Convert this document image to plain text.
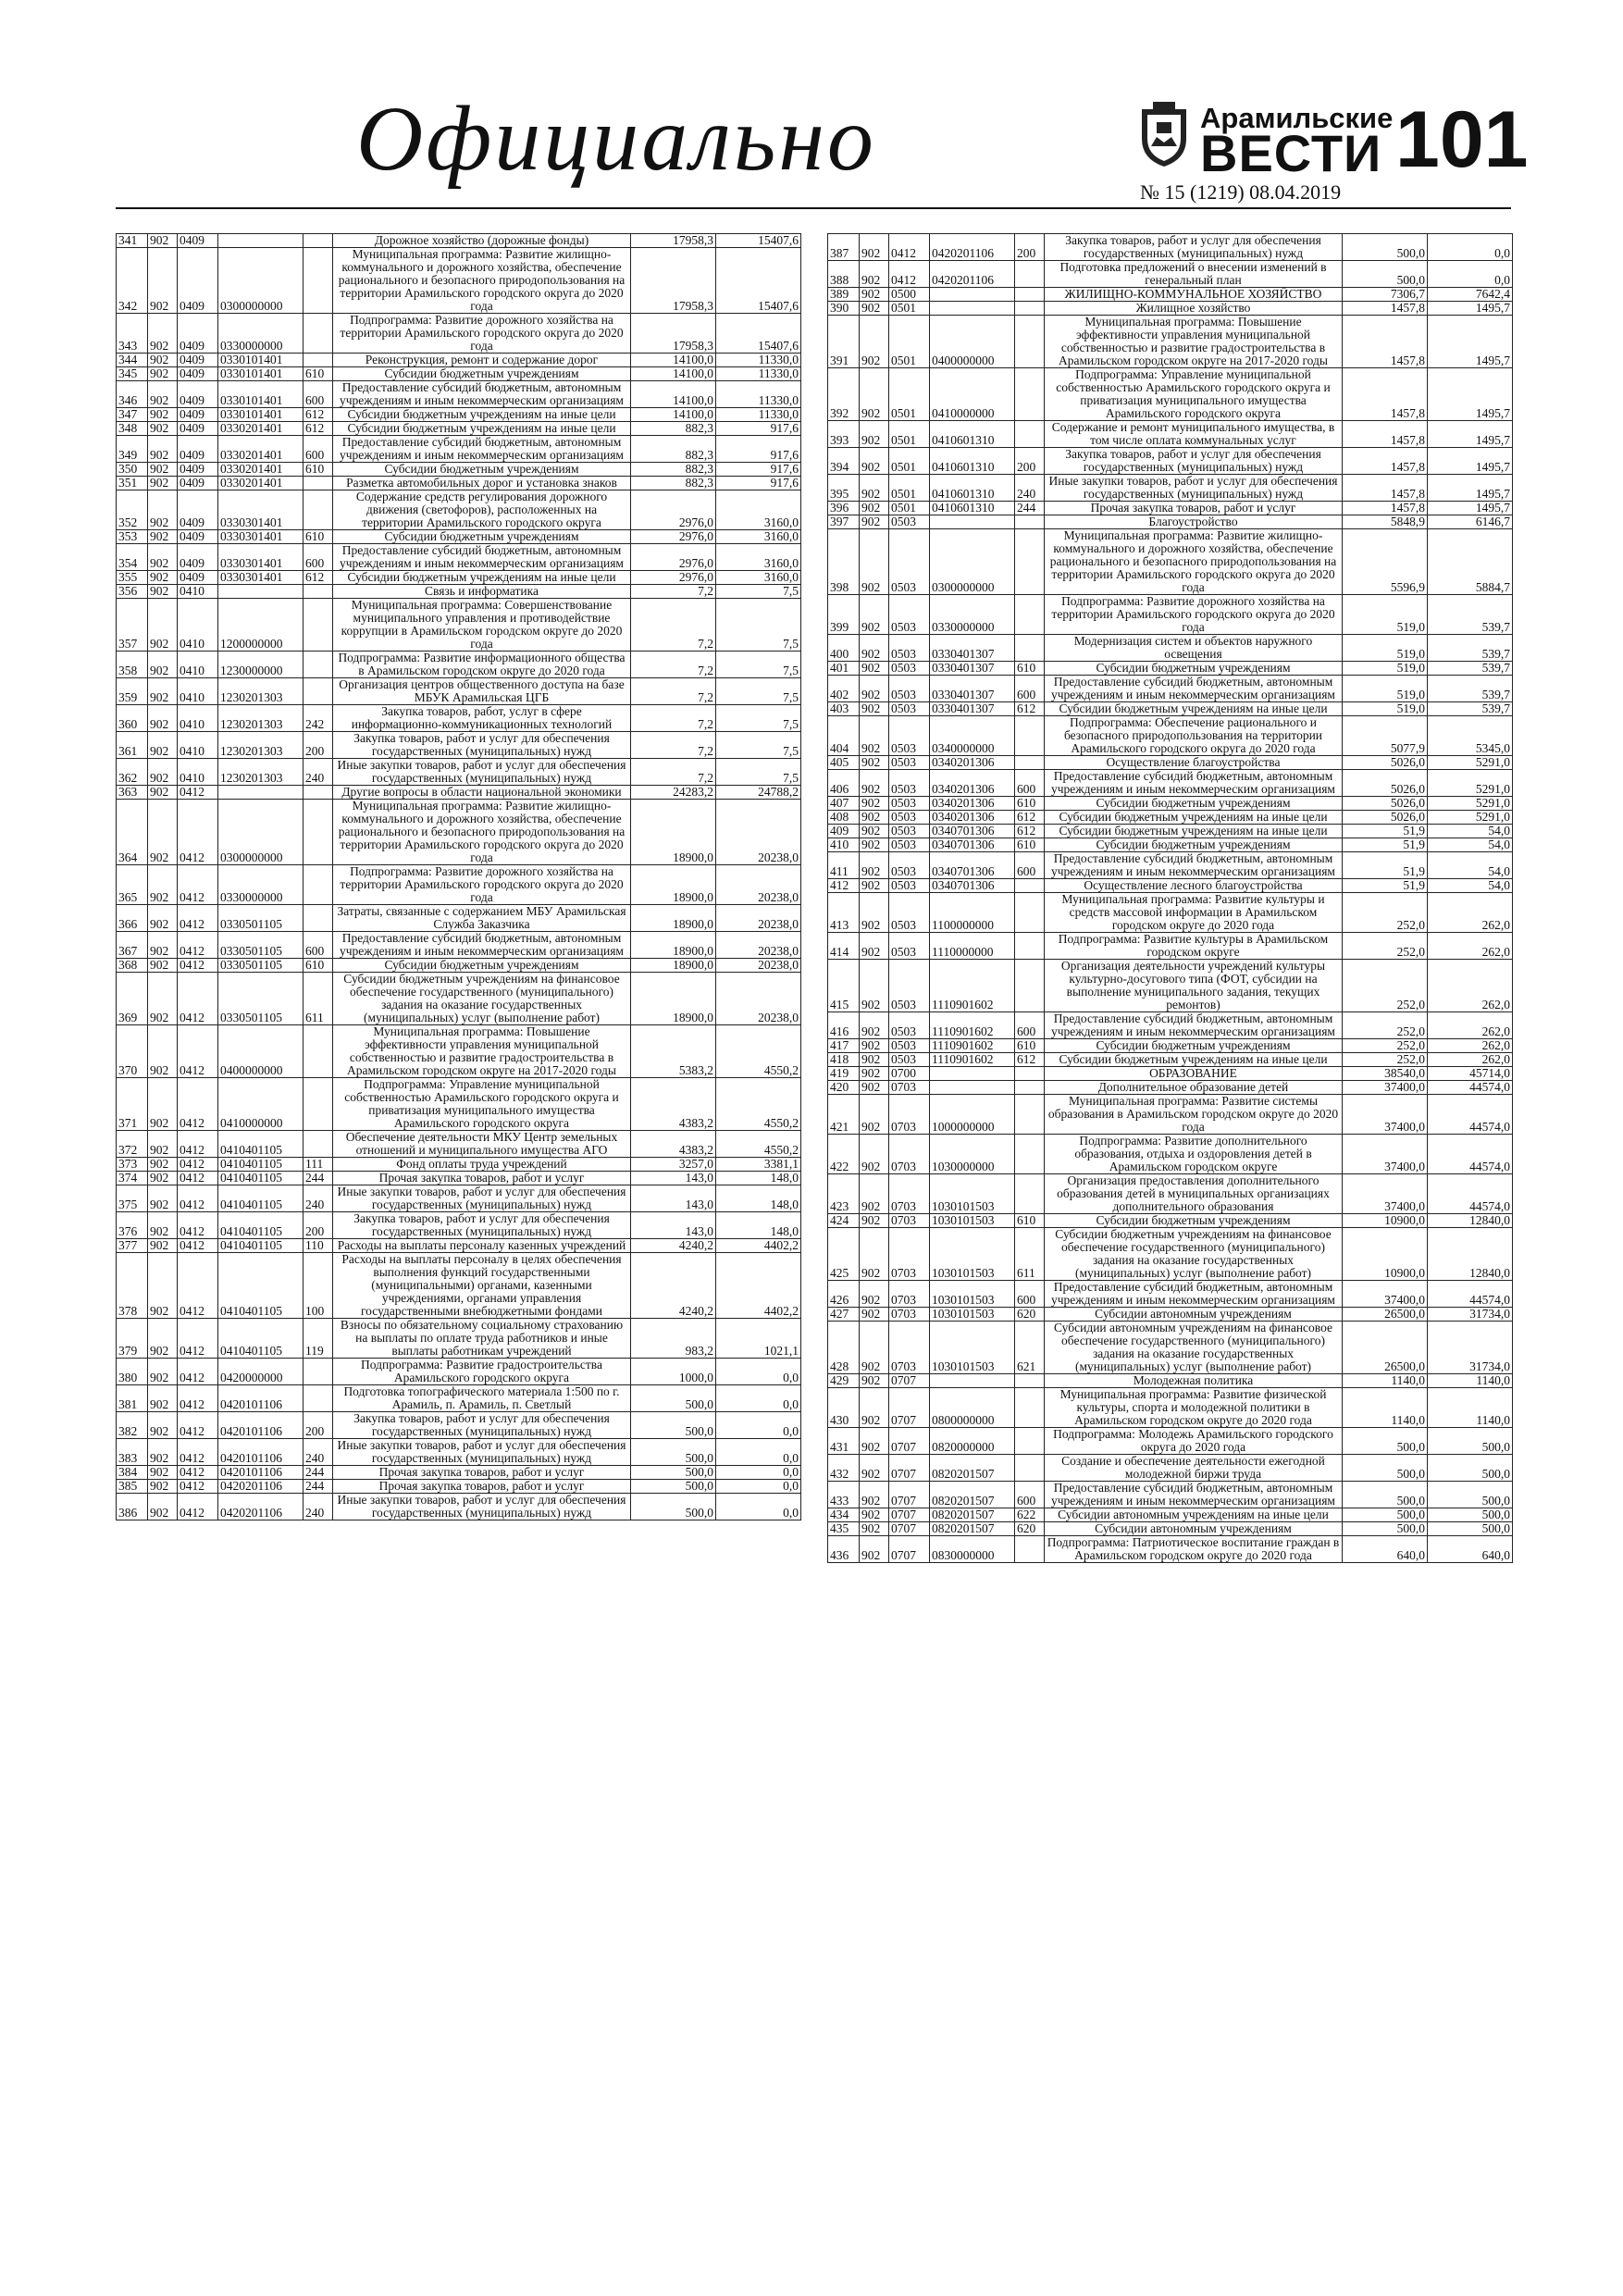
Официально	Арамильские
ВЕСТИ 101
№ 15 (1219) 08.04.2019
341	902	0409			Дорожное хозяйство (дорожные фонды)	17958,3	15407,6
342	902	0409	0300000000		Муниципальная программа: Развитие жилищно-коммунального и дорожного хозяйства, обеспечение рационального и безопасного природопользования на территории Арамильского городского округа до 2020 года	17958,3	15407,6
343	902	0409	0330000000		Подпрограмма: Развитие дорожного хозяйства на территории Арамильского городского округа до 2020 года	17958,3	15407,6
344	902	0409	0330101401		Реконструкция, ремонт и содержание дорог	14100,0	11330,0
345	902	0409	0330101401	610	Субсидии бюджетным учреждениям	14100,0	11330,0
346	902	0409	0330101401	600	Предоставление субсидий бюджетным, автономным учреждениям и иным некоммерческим организациям	14100,0	11330,0
347	902	0409	0330101401	612	Субсидии бюджетным учреждениям на иные цели	14100,0	11330,0
348	902	0409	0330201401	612	Субсидии бюджетным учреждениям на иные цели	882,3	917,6
349	902	0409	0330201401	600	Предоставление субсидий бюджетным, автономным учреждениям и иным некоммерческим организациям	882,3	917,6
350	902	0409	0330201401	610	Субсидии бюджетным учреждениям	882,3	917,6
351	902	0409	0330201401		Разметка автомобильных дорог и установка знаков	882,3	917,6
352	902	0409	0330301401		Содержание средств регулирования дорожного движения (светофоров), расположенных на территории Арамильского городского округа	2976,0	3160,0
353	902	0409	0330301401	610	Субсидии бюджетным учреждениям	2976,0	3160,0
354	902	0409	0330301401	600	Предоставление субсидий бюджетным, автономным учреждениям и иным некоммерческим организациям	2976,0	3160,0
355	902	0409	0330301401	612	Субсидии бюджетным учреждениям на иные цели	2976,0	3160,0
356	902	0410			Связь и информатика	7,2	7,5
357	902	0410	1200000000		Муниципальная программа: Совершенствование муниципального управления и противодействие коррупции в Арамильском городском округе до 2020 года	7,2	7,5
358	902	0410	1230000000		Подпрограмма: Развитие информационного общества в Арамильском городском округе до 2020 года	7,2	7,5
359	902	0410	1230201303		Организация центров общественного доступа на базе МБУК Арамильская ЦГБ	7,2	7,5
360	902	0410	1230201303	242	Закупка товаров, работ, услуг в сфере информационно-коммуникационных технологий	7,2	7,5
361	902	0410	1230201303	200	Закупка товаров, работ и услуг для обеспечения государственных (муниципальных) нужд	7,2	7,5
362	902	0410	1230201303	240	Иные закупки товаров, работ и услуг для обеспечения государственных (муниципальных) нужд	7,2	7,5
363	902	0412			Другие вопросы в области национальной экономики	24283,2	24788,2
364	902	0412	0300000000		Муниципальная программа: Развитие жилищно-коммунального и дорожного хозяйства, обеспечение рационального и безопасного природопользования на территории Арамильского городского округа до 2020 года	18900,0	20238,0
365	902	0412	0330000000		Подпрограмма: Развитие дорожного хозяйства на территории Арамильского городского округа до 2020 года	18900,0	20238,0
366	902	0412	0330501105		Затраты, связанные с содержанием МБУ Арамильская Служба Заказчика	18900,0	20238,0
367	902	0412	0330501105	600	Предоставление субсидий бюджетным, автономным учреждениям и иным некоммерческим организациям	18900,0	20238,0
368	902	0412	0330501105	610	Субсидии бюджетным учреждениям	18900,0	20238,0
369	902	0412	0330501105	611	Субсидии бюджетным учреждениям на финансовое обеспечение государственного (муниципального) задания на оказание государственных (муниципальных) услуг (выполнение работ)	18900,0	20238,0
370	902	0412	0400000000		Муниципальная программа: Повышение эффективности управления муниципальной собственностью и развитие градостроительства в Арамильском городском округе на 2017-2020 годы	5383,2	4550,2
371	902	0412	0410000000		Подпрограмма: Управление муниципальной собственностью Арамильского городского округа и приватизация муниципального имущества Арамильского городского округа	4383,2	4550,2
372	902	0412	0410401105		Обеспечение деятельности МКУ Центр земельных отношений и муниципального имущества АГО	4383,2	4550,2
373	902	0412	0410401105	111	Фонд оплаты труда учреждений	3257,0	3381,1
374	902	0412	0410401105	244	Прочая закупка товаров, работ и услуг	143,0	148,0
375	902	0412	0410401105	240	Иные закупки товаров, работ и услуг для обеспечения государственных (муниципальных) нужд	143,0	148,0
376	902	0412	0410401105	200	Закупка товаров, работ и услуг для обеспечения государственных (муниципальных) нужд	143,0	148,0
377	902	0412	0410401105	110	Расходы на выплаты персоналу казенных учреждений	4240,2	4402,2
378	902	0412	0410401105	100	Расходы на выплаты персоналу в целях обеспечения выполнения функций государственными (муниципальными) органами, казенными учреждениями, органами управления государственными внебюджетными фондами	4240,2	4402,2
379	902	0412	0410401105	119	Взносы по обязательному социальному страхованию на выплаты по оплате труда работников и иные выплаты работникам учреждений	983,2	1021,1
380	902	0412	0420000000		Подпрограмма: Развитие градостроительства Арамильского городского округа	1000,0	0,0
381	902	0412	0420101106		Подготовка топографического материала 1:500 по г. Арамиль, п. Арамиль, п. Светлый	500,0	0,0
382	902	0412	0420101106	200	Закупка товаров, работ и услуг для обеспечения государственных (муниципальных) нужд	500,0	0,0
383	902	0412	0420101106	240	Иные закупки товаров, работ и услуг для обеспечения государственных (муниципальных) нужд	500,0	0,0
384	902	0412	0420101106	244	Прочая закупка товаров, работ и услуг	500,0	0,0
385	902	0412	0420201106	244	Прочая закупка товаров, работ и услуг	500,0	0,0
386	902	0412	0420201106	240	Иные закупки товаров, работ и услуг для обеспечения государственных (муниципальных) нужд	500,0	0,0
387	902	0412	0420201106	200	Закупка товаров, работ и услуг для обеспечения государственных (муниципальных) нужд	500,0	0,0
388	902	0412	0420201106		Подготовка предложений о внесении изменений в генеральный план	500,0	0,0
389	902	0500			ЖИЛИЩНО-КОММУНАЛЬНОЕ ХОЗЯЙСТВО	7306,7	7642,4
390	902	0501			Жилищное хозяйство	1457,8	1495,7
391	902	0501	0400000000		Муниципальная программа: Повышение эффективности управления муниципальной собственностью и развитие градостроительства в Арамильском городском округе на 2017-2020 годы	1457,8	1495,7
392	902	0501	0410000000		Подпрограмма: Управление муниципальной собственностью Арамильского городского округа и приватизация муниципального имущества Арамильского городского округа	1457,8	1495,7
393	902	0501	0410601310		Содержание и ремонт муниципального имущества, в том числе оплата коммунальных услуг	1457,8	1495,7
394	902	0501	0410601310	200	Закупка товаров, работ и услуг для обеспечения государственных (муниципальных) нужд	1457,8	1495,7
395	902	0501	0410601310	240	Иные закупки товаров, работ и услуг для обеспечения государственных (муниципальных) нужд	1457,8	1495,7
396	902	0501	0410601310	244	Прочая закупка товаров, работ и услуг	1457,8	1495,7
397	902	0503			Благоустройство	5848,9	6146,7
398	902	0503	0300000000		Муниципальная программа: Развитие жилищно-коммунального и дорожного хозяйства, обеспечение рационального и безопасного природопользования на территории Арамильского городского округа до 2020 года	5596,9	5884,7
399	902	0503	0330000000		Подпрограмма: Развитие дорожного хозяйства на территории Арамильского городского округа до 2020 года	519,0	539,7
400	902	0503	0330401307		Модернизация систем и объектов наружного освещения	519,0	539,7
401	902	0503	0330401307	610	Субсидии бюджетным учреждениям	519,0	539,7
402	902	0503	0330401307	600	Предоставление субсидий бюджетным, автономным учреждениям и иным некоммерческим организациям	519,0	539,7
403	902	0503	0330401307	612	Субсидии бюджетным учреждениям на иные цели	519,0	539,7
404	902	0503	0340000000		Подпрограмма: Обеспечение рационального и безопасного природопользования на территории Арамильского городского округа до 2020 года	5077,9	5345,0
405	902	0503	0340201306		Осуществление благоустройства	5026,0	5291,0
406	902	0503	0340201306	600	Предоставление субсидий бюджетным, автономным учреждениям и иным некоммерческим организациям	5026,0	5291,0
407	902	0503	0340201306	610	Субсидии бюджетным учреждениям	5026,0	5291,0
408	902	0503	0340201306	612	Субсидии бюджетным учреждениям на иные цели	5026,0	5291,0
409	902	0503	0340701306	612	Субсидии бюджетным учреждениям на иные цели	51,9	54,0
410	902	0503	0340701306	610	Субсидии бюджетным учреждениям	51,9	54,0
411	902	0503	0340701306	600	Предоставление субсидий бюджетным, автономным учреждениям и иным некоммерческим организациям	51,9	54,0
412	902	0503	0340701306		Осуществление лесного благоустройства	51,9	54,0
413	902	0503	1100000000		Муниципальная программа: Развитие культуры и средств массовой информации в Арамильском городском округе до 2020 года	252,0	262,0
414	902	0503	1110000000		Подпрограмма: Развитие культуры в Арамильском городском округе	252,0	262,0
415	902	0503	1110901602		Организация деятельности учреждений культуры культурно-досугового типа (ФОТ, субсидии на выполнение муниципального задания, текущих ремонтов)	252,0	262,0
416	902	0503	1110901602	600	Предоставление субсидий бюджетным, автономным учреждениям и иным некоммерческим организациям	252,0	262,0
417	902	0503	1110901602	610	Субсидии бюджетным учреждениям	252,0	262,0
418	902	0503	1110901602	612	Субсидии бюджетным учреждениям на иные цели	252,0	262,0
419	902	0700			ОБРАЗОВАНИЕ	38540,0	45714,0
420	902	0703			Дополнительное образование детей	37400,0	44574,0
421	902	0703	1000000000		Муниципальная программа: Развитие системы образования в Арамильском городском округе до 2020 года	37400,0	44574,0
422	902	0703	1030000000		Подпрограмма: Развитие дополнительного образования, отдыха и оздоровления детей в Арамильском городском округе	37400,0	44574,0
423	902	0703	1030101503		Организация предоставления дополнительного образования детей в муниципальных организациях дополнительного образования	37400,0	44574,0
424	902	0703	1030101503	610	Субсидии бюджетным учреждениям	10900,0	12840,0
425	902	0703	1030101503	611	Субсидии бюджетным учреждениям на финансовое обеспечение государственного (муниципального) задания на оказание государственных (муниципальных) услуг (выполнение работ)	10900,0	12840,0
426	902	0703	1030101503	600	Предоставление субсидий бюджетным, автономным учреждениям и иным некоммерческим организациям	37400,0	44574,0
427	902	0703	1030101503	620	Субсидии автономным учреждениям	26500,0	31734,0
428	902	0703	1030101503	621	Субсидии автономным учреждениям на финансовое обеспечение государственного (муниципального) задания на оказание государственных (муниципальных) услуг (выполнение работ)	26500,0	31734,0
429	902	0707			Молодежная политика	1140,0	1140,0
430	902	0707	0800000000		Муниципальная программа: Развитие физической культуры, спорта и молодежной политики в Арамильском городском округе до 2020 года	1140,0	1140,0
431	902	0707	0820000000		Подпрограмма: Молодежь Арамильского городского округа до 2020 года	500,0	500,0
432	902	0707	0820201507		Создание и обеспечение деятельности ежегодной молодежной биржи труда	500,0	500,0
433	902	0707	0820201507	600	Предоставление субсидий бюджетным, автономным учреждениям и иным некоммерческим организациям	500,0	500,0
434	902	0707	0820201507	622	Субсидии автономным учреждениям на иные цели	500,0	500,0
435	902	0707	0820201507	620	Субсидии автономным учреждениям	500,0	500,0
436	902	0707	0830000000		Подпрограмма: Патриотическое воспитание граждан в Арамильском городском округе до 2020 года	640,0	640,0
